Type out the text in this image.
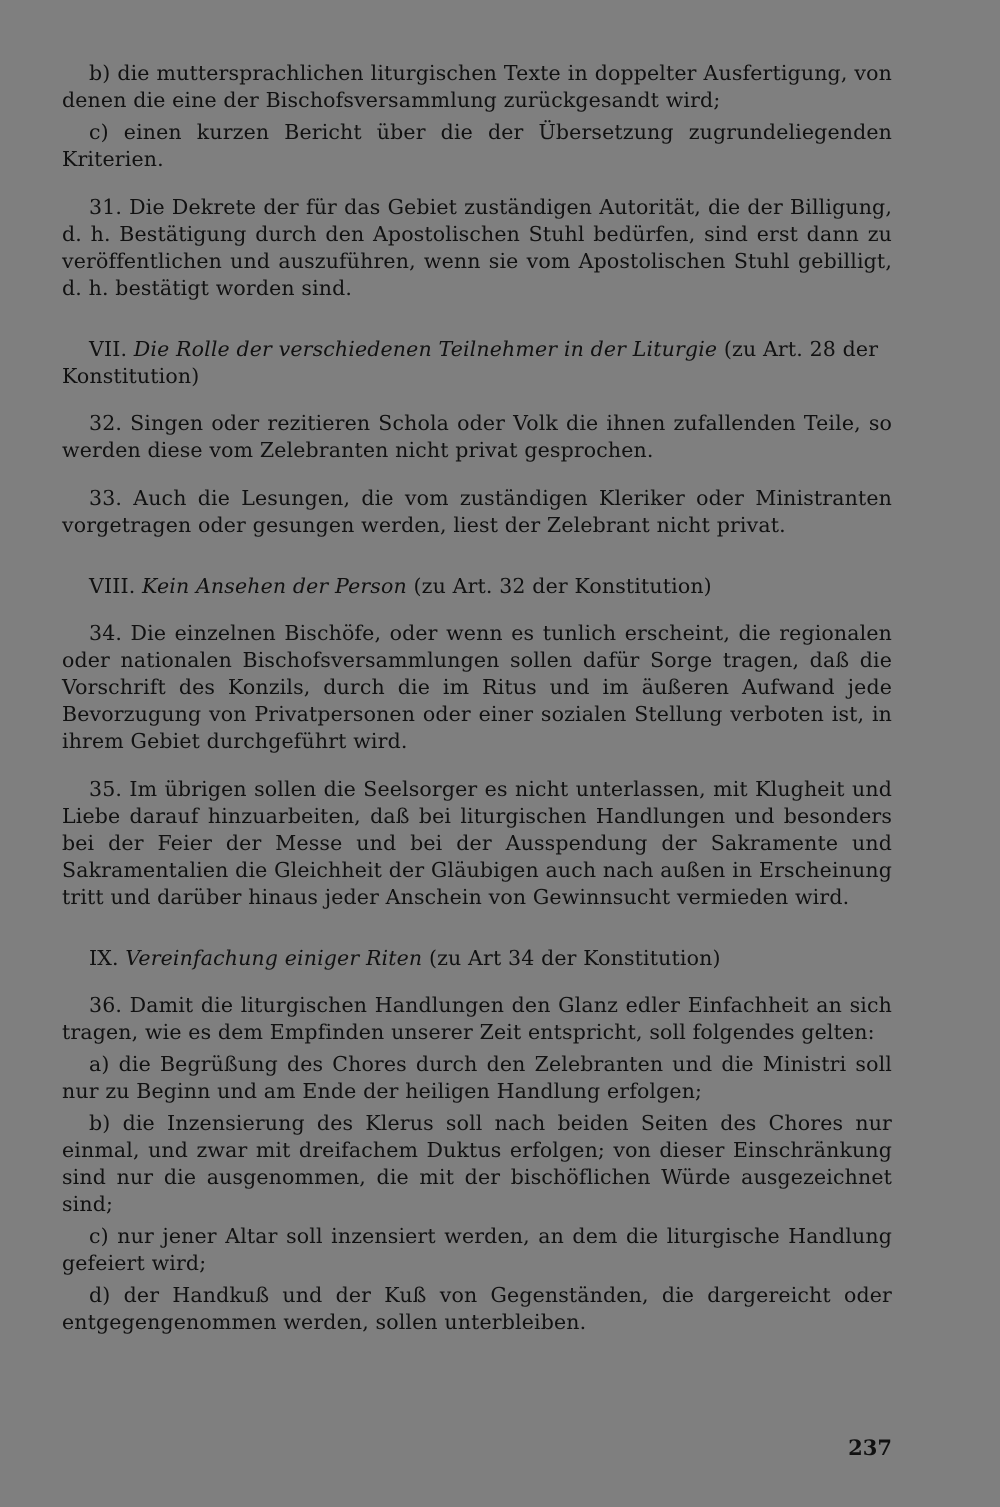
b) die muttersprachlichen liturgischen Texte in doppelter Ausfertigung, von denen die eine der Bischofsversammlung zurückgesandt wird;

c) einen kurzen Bericht über die der Übersetzung zugrundeliegenden Kriterien.

31. Die Dekrete der für das Gebiet zuständigen Autorität, die der Billigung, d. h. Bestätigung durch den Apostolischen Stuhl bedürfen, sind erst dann zu veröffentlichen und auszuführen, wenn sie vom Apostolischen Stuhl gebilligt, d. h. bestätigt worden sind.

VII. Die Rolle der verschiedenen Teilnehmer in der Liturgie (zu Art. 28 der Konstitution)

32. Singen oder rezitieren Schola oder Volk die ihnen zufallenden Teile, so werden diese vom Zelebranten nicht privat gesprochen.

33. Auch die Lesungen, die vom zuständigen Kleriker oder Ministranten vorgetragen oder gesungen werden, liest der Zelebrant nicht privat.

VIII. Kein Ansehen der Person (zu Art. 32 der Konstitution)

34. Die einzelnen Bischöfe, oder wenn es tunlich erscheint, die regionalen oder nationalen Bischofsversammlungen sollen dafür Sorge tragen, daß die Vorschrift des Konzils, durch die im Ritus und im äußeren Aufwand jede Bevorzugung von Privatpersonen oder einer sozialen Stellung verboten ist, in ihrem Gebiet durchgeführt wird.

35. Im übrigen sollen die Seelsorger es nicht unterlassen, mit Klugheit und Liebe darauf hinzuarbeiten, daß bei liturgischen Handlungen und besonders bei der Feier der Messe und bei der Ausspendung der Sakramente und Sakramentalien die Gleichheit der Gläubigen auch nach außen in Erscheinung tritt und darüber hinaus jeder Anschein von Gewinnsucht vermieden wird.

IX. Vereinfachung einiger Riten (zu Art 34 der Konstitution)

36. Damit die liturgischen Handlungen den Glanz edler Einfachheit an sich tragen, wie es dem Empfinden unserer Zeit entspricht, soll folgendes gelten:

a) die Begrüßung des Chores durch den Zelebranten und die Ministri soll nur zu Beginn und am Ende der heiligen Handlung erfolgen;

b) die Inzensierung des Klerus soll nach beiden Seiten des Chores nur einmal, und zwar mit dreifachem Duktus erfolgen; von dieser Einschränkung sind nur die ausgenommen, die mit der bischöflichen Würde ausgezeichnet sind;

c) nur jener Altar soll inzensiert werden, an dem die liturgische Handlung gefeiert wird;

d) der Handkuß und der Kuß von Gegenständen, die dargereicht oder entgegengenommen werden, sollen unterbleiben.

237
